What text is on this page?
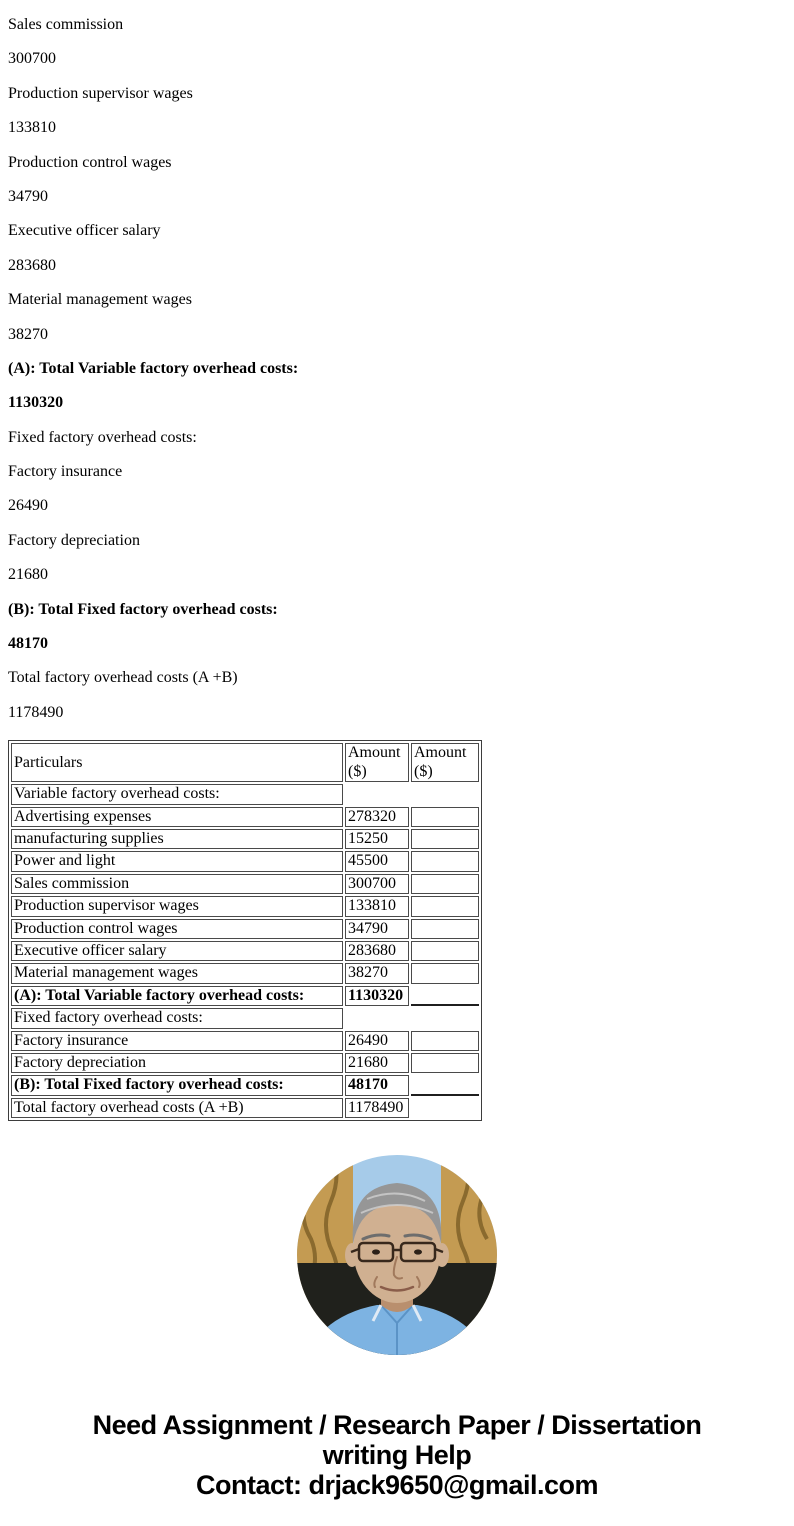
Sales commission

300700

Production supervisor wages

133810

Production control wages

34790

Executive officer salary

283680

Material management wages

38270

(A): Total Variable factory overhead costs:

1130320

Fixed factory overhead costs:

Factory insurance

26490

Factory depreciation

21680

(B): Total Fixed factory overhead costs:

48170

Total factory overhead costs (A +B)

1178490

Particulars	Amount ($)	Amount ($)
Variable factory overhead costs:		
Advertising expenses	278320	
manufacturing supplies	15250	
Power and light	45500	
Sales commission	300700	
Production supervisor wages	133810	
Production control wages	34790	
Executive officer salary	283680	
Material management wages	38270	
(A): Total Variable factory overhead costs:	1130320	
Fixed factory overhead costs:		
Factory insurance	26490	
Factory depreciation	21680	
(B): Total Fixed factory overhead costs:	48170	
Total factory overhead costs (A +B)	1178490	
Need Assignment / Research Paper / Dissertation
writing Help
Contact: drjack9650@gmail.com
